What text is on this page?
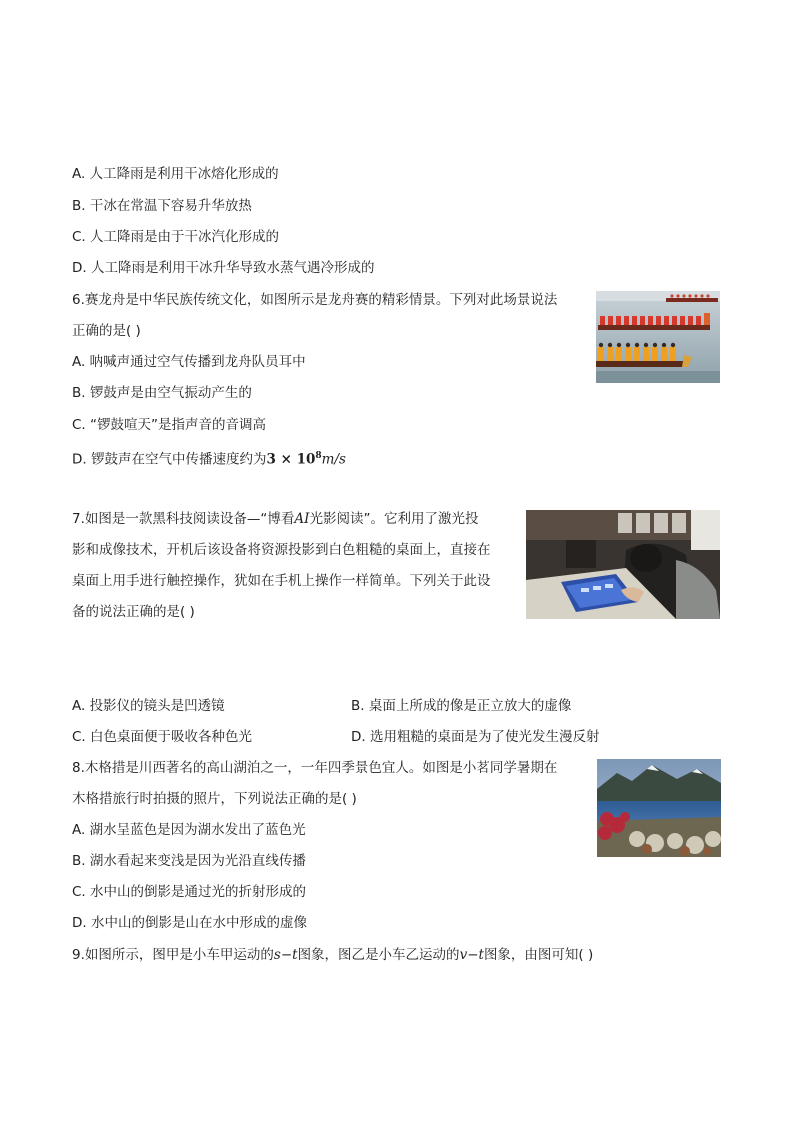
A. 人工降雨是利用干冰熔化形成的
B. 干冰在常温下容易升华放热
C. 人工降雨是由于干冰汽化形成的
D. 人工降雨是利用干冰升华导致水蒸气遇冷形成的
6.赛龙舟是中华民族传统文化，如图所示是龙舟赛的精彩情景。下列对此场景说法
正确的是( )
A. 呐喊声通过空气传播到龙舟队员耳中
B. 锣鼓声是由空气振动产生的
C. “锣鼓喧天”是指声音的音调高
D. 锣鼓声在空气中传播速度约为$3 \times 10^8m/s$
7.如图是一款黑科技阅读设备—“博看AI光影阅读”。它利用了激光投
影和成像技术，开机后该设备将资源投影到白色粗糙的桌面上，直接在
桌面上用手进行触控操作，犹如在手机上操作一样简单。下列关于此设
备的说法正确的是( )
A. 投影仪的镜头是凹透镜	B. 桌面上所成的像是正立放大的虚像
C. 白色桌面便于吸收各种色光	D. 选用粗糙的桌面是为了使光发生漫反射
8.木格措是川西著名的高山湖泊之一，一年四季景色宜人。如图是小茗同学暑期在
木格措旅行时拍摄的照片，下列说法正确的是( )
A. 湖水呈蓝色是因为湖水发出了蓝色光
B. 湖水看起来变浅是因为光沿直线传播
C. 水中山的倒影是通过光的折射形成的
D. 水中山的倒影是山在水中形成的虚像
9.如图所示，图甲是小车甲运动的s−t图象，图乙是小车乙运动的v−t图象，由图可知( )
